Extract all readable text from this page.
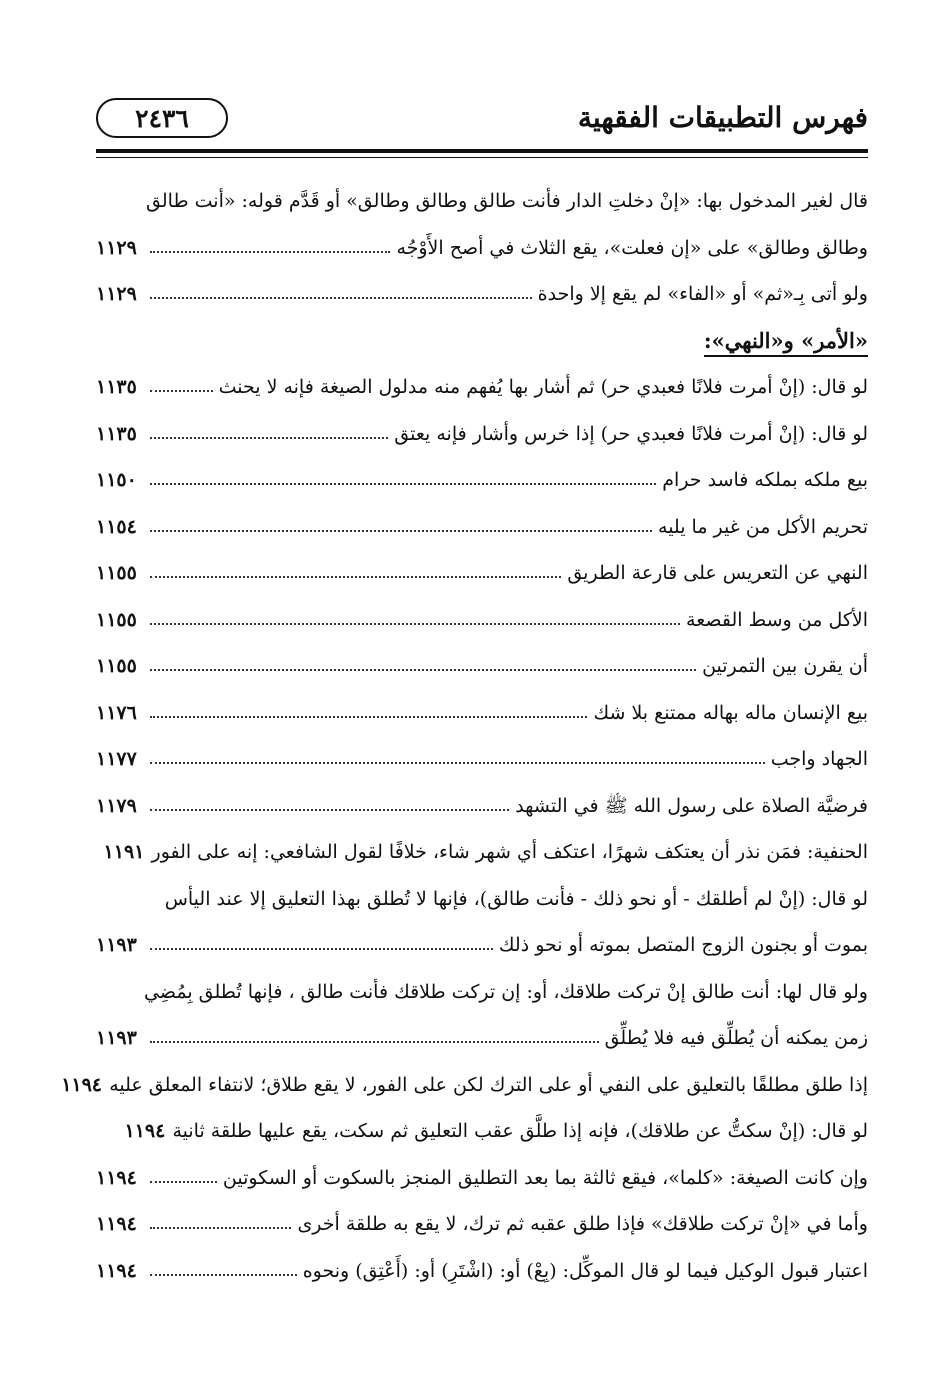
٢٤٣٦	فهرس التطبيقات الفقهية
قال لغير المدخول بها: «إنْ دخلتِ الدار فأنت طالق وطالق وطالق» أو قَدَّم قوله: «أنت طالق
وطالق وطالق» على «إن فعلت»، يقع الثلاث في أصح الأَوْجُه
١١٢٩
ولو أتى بِـ«ثم» أو «الفاء» لم يقع إلا واحدة
١١٢٩
«الأمر» و«النهي»:
لو قال: (إنْ أمرت فلانًا فعبدي حر) ثم أشار بها يُفهم منه مدلول الصيغة فإنه لا يحنث
١١٣٥
لو قال: (إنْ أمرت فلانًا فعبدي حر) إذا خرس وأشار فإنه يعتق
١١٣٥
بيع ملكه بملكه فاسد حرام
١١٥٠
تحريم الأكل من غير ما يليه
١١٥٤
النهي عن التعريس على قارعة الطريق
١١٥٥
الأكل من وسط القصعة
١١٥٥
أن يقرن بين التمرتين
١١٥٥
بيع الإنسان ماله بهاله ممتنع بلا شك
١١٧٦
الجهاد واجب
١١٧٧
فرضيَّة الصلاة على رسول الله ﷺ في التشهد
١١٧٩
الحنفية: فمَن نذر أن يعتكف شهرًا، اعتكف أي شهر شاء، خلافًا لقول الشافعي: إنه على الفور
١١٩١
لو قال: (إنْ لم أطلقك - أو نحو ذلك - فأنت طالق)، فإنها لا تُطلق بهذا التعليق إلا عند اليأس
بموت أو بجنون الزوج المتصل بموته أو نحو ذلك
١١٩٣
ولو قال لها: أنت طالق إنْ تركت طلاقك، أو: إن تركت طلاقك فأنت طالق ، فإنها تُطلق بِمُضِي
زمن يمكنه أن يُطلِّق فيه فلا يُطلِّق
١١٩٣
إذا طلق مطلقًا بالتعليق على النفي أو على الترك لكن على الفور، لا يقع طلاق؛ لانتفاء المعلق عليه
١١٩٤
لو قال: (إنْ سكتُّ عن طلاقك)، فإنه إذا طلَّق عقب التعليق ثم سكت، يقع عليها طلقة ثانية
١١٩٤
وإن كانت الصيغة: «كلما»، فيقع ثالثة بما بعد التطليق المنجز بالسكوت أو السكوتين
١١٩٤
وأما في «إنْ تركت طلاقك» فإذا طلق عقبه ثم ترك، لا يقع به طلقة أخرى
١١٩٤
اعتبار قبول الوكيل فيما لو قال الموكِّل: (بِعْ) أو: (اشْتَرِ) أو: (أَعْتِق) ونحوه
١١٩٤
